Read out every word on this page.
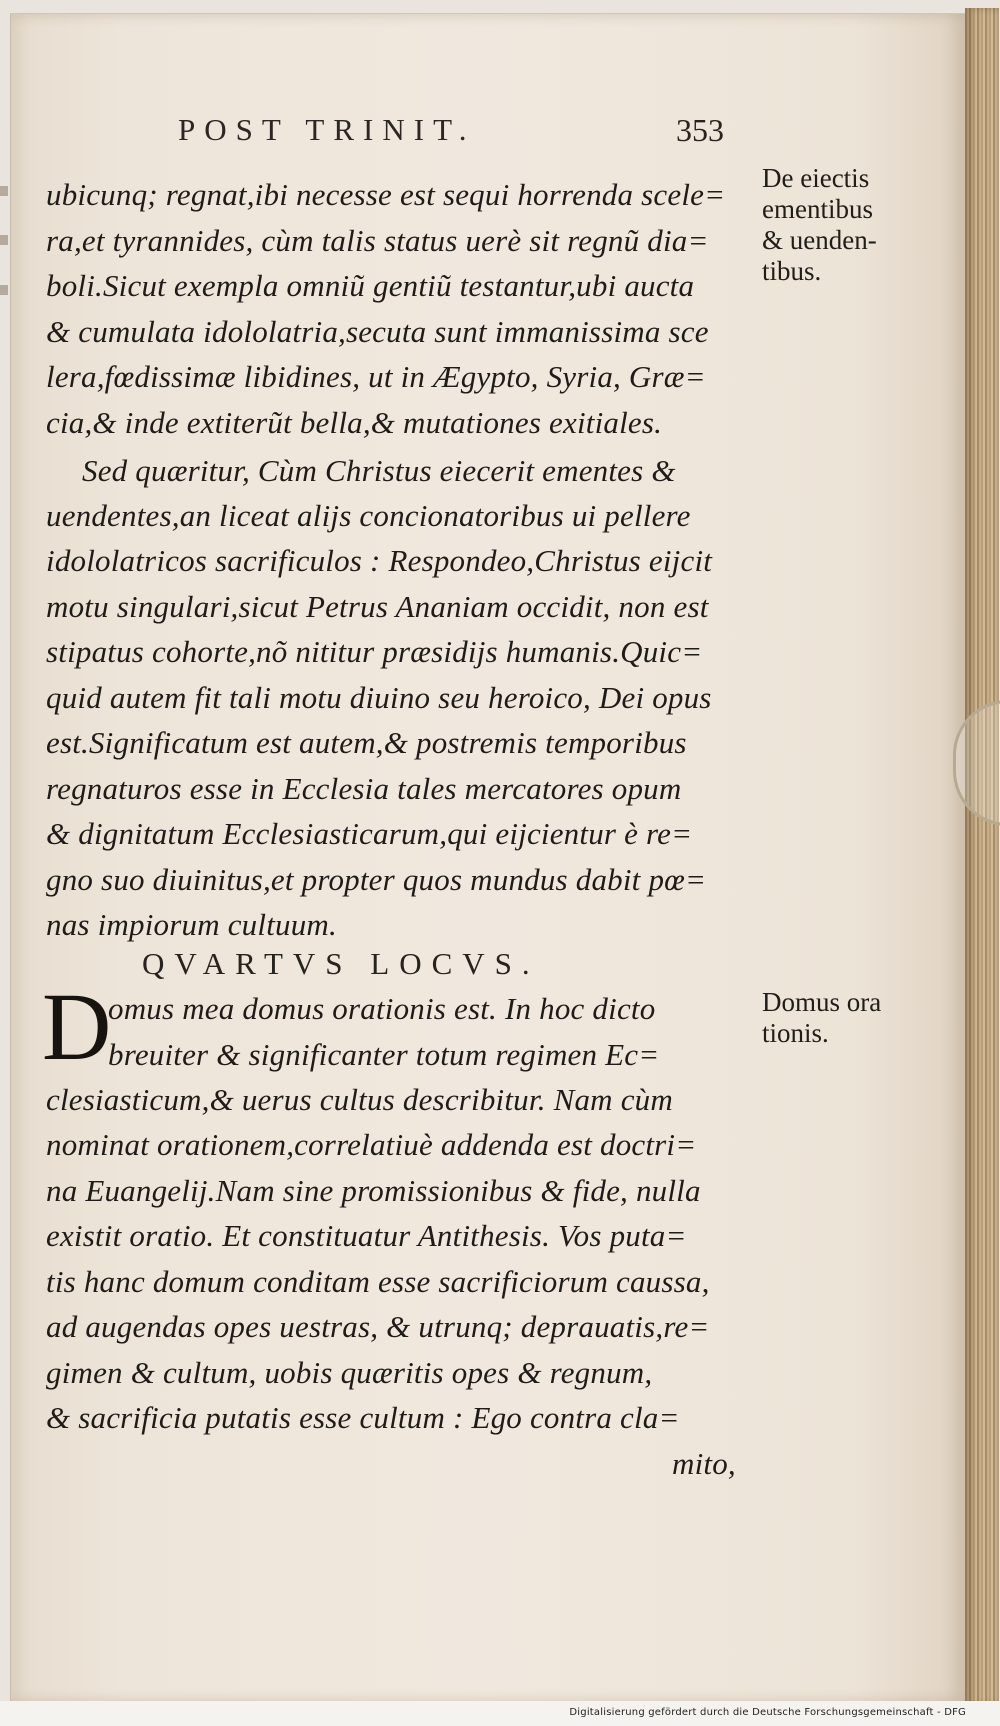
POST TRINIT.	353
De eiectis
ementibus
& uenden-
tibus.
Domus ora
tionis.
ubicunq; regnat,ibi necesse est sequi horrenda scele=
ra,et tyrannides, cùm talis status uerè sit regnũ dia=
boli.Sicut exempla omniũ gentiũ testantur,ubi aucta
& cumulata idololatria,secuta sunt immanissima sce
lera,fœdissimæ libidines, ut in Ægypto, Syria, Græ=
cia,& inde extiterũt bella,& mutationes exitiales.
Sed quæritur, Cùm Christus eiecerit ementes &
uendentes,an liceat alijs concionatoribus ui pellere
idololatricos sacrificulos : Respondeo,Christus eijcit
motu singulari,sicut Petrus Ananiam occidit, non est
stipatus cohorte,nõ nititur præsidijs humanis.Quic=
quid autem fit tali motu diuino seu heroico, Dei opus
est.Significatum est autem,& postremis temporibus
regnaturos esse in Ecclesia tales mercatores opum
& dignitatum Ecclesiasticarum,qui eijcientur è re=
gno suo diuinitus,et propter quos mundus dabit pœ=
nas impiorum cultuum.
QVARTVS LOCVS.
D
omus mea domus orationis est. In hoc dicto
breuiter & significanter totum regimen Ec=
clesiasticum,& uerus cultus describitur. Nam cùm
nominat orationem,correlatiuè addenda est doctri=
na Euangelij.Nam sine promissionibus & fide, nulla
existit oratio. Et constituatur Antithesis. Vos puta=
tis hanc domum conditam esse sacrificiorum caussa,
ad augendas opes uestras, & utrunq; deprauatis,re=
gimen & cultum, uobis quæritis opes & regnum,
& sacrificia putatis esse cultum : Ego contra cla=
mito,
Digitalisierung gefördert durch die Deutsche Forschungsgemeinschaft - DFG
